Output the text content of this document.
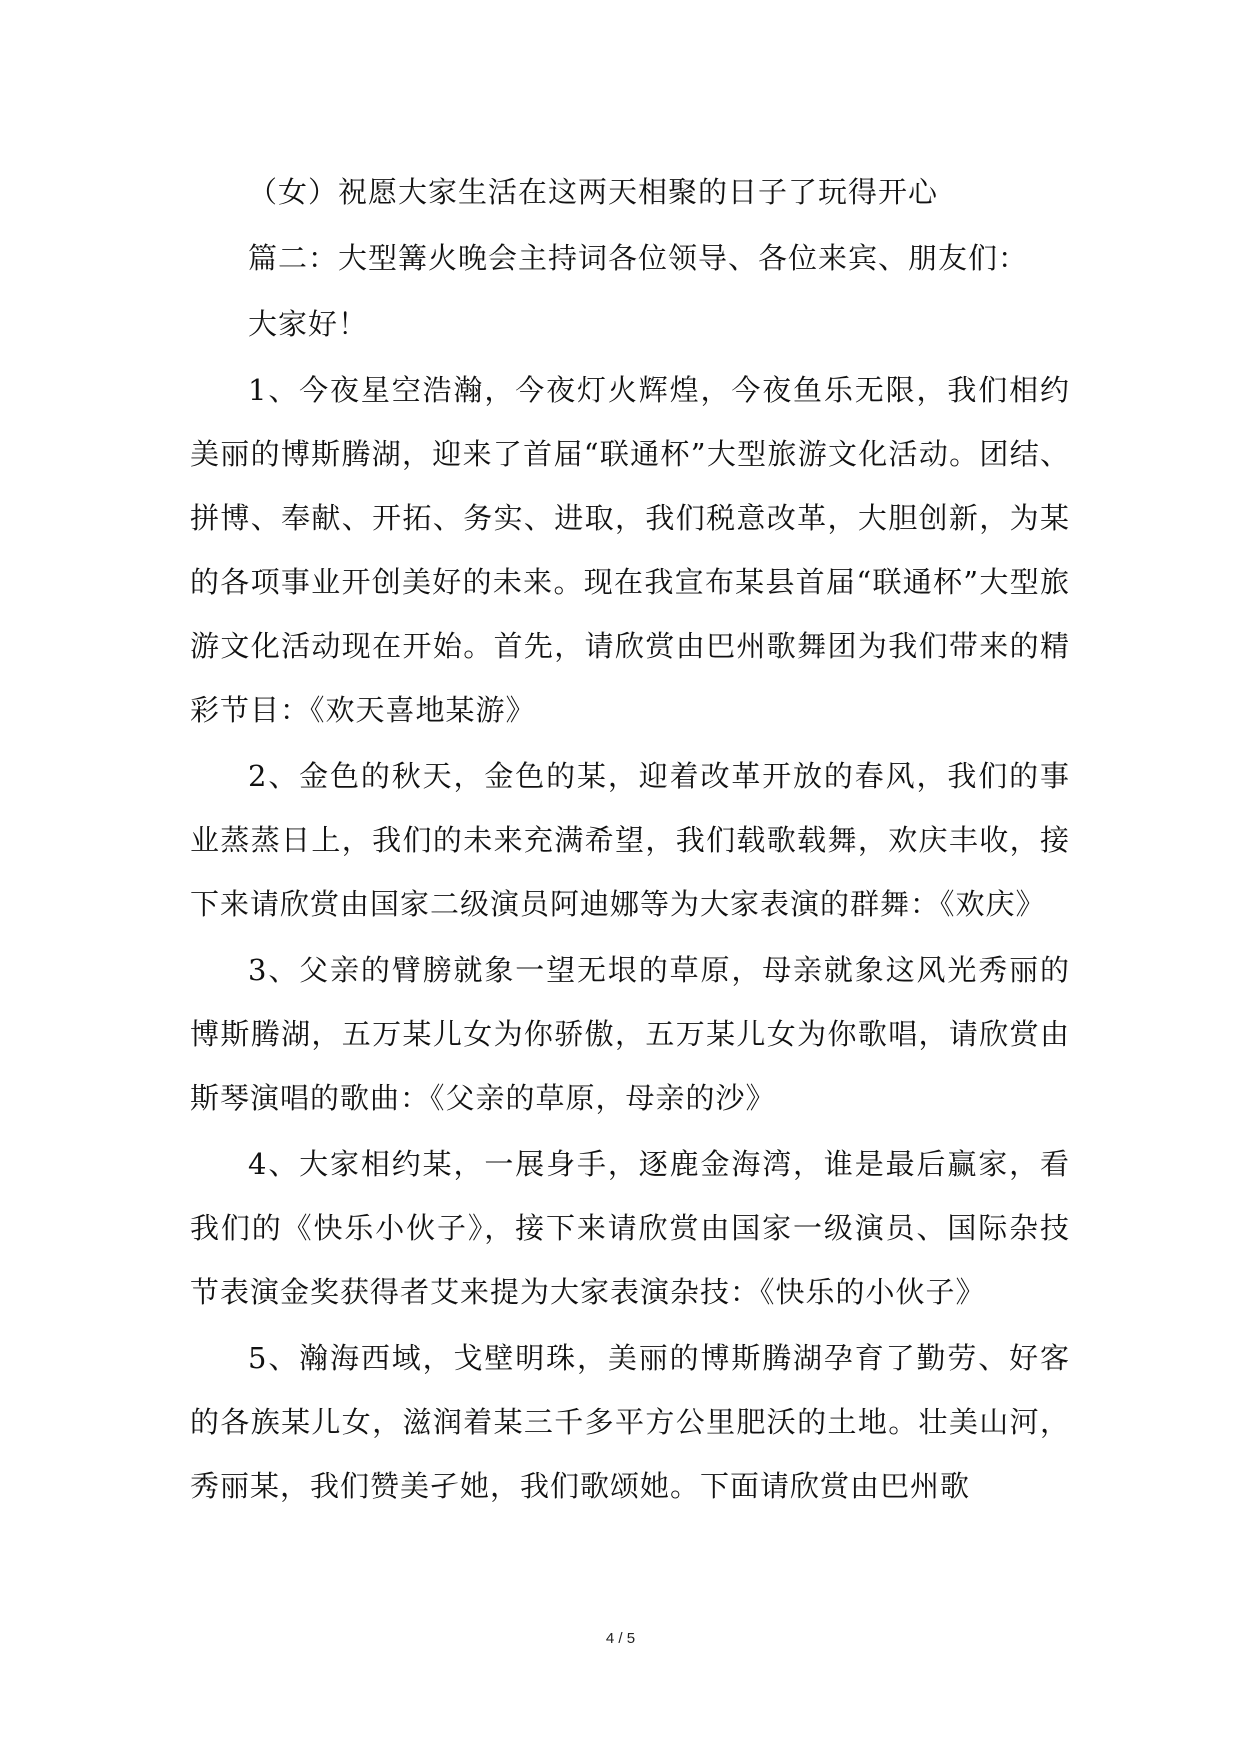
（女）祝愿大家生活在这两天相聚的日子了玩得开心

篇二：大型篝火晚会主持词各位领导、各位来宾、朋友们：

大家好！

1、今夜星空浩瀚，今夜灯火辉煌，今夜鱼乐无限，我们相约美丽的博斯腾湖，迎来了首届“联通杯”大型旅游文化活动。团结、拼博、奉献、开拓、务实、进取，我们税意改革，大胆创新，为某的各项事业开创美好的未来。现在我宣布某县首届“联通杯”大型旅游文化活动现在开始。首先，请欣赏由巴州歌舞团为我们带来的精彩节目：《欢天喜地某游》

2、金色的秋天，金色的某，迎着改革开放的春风，我们的事业蒸蒸日上，我们的未来充满希望，我们载歌载舞，欢庆丰收，接下来请欣赏由国家二级演员阿迪娜等为大家表演的群舞：《欢庆》

3、父亲的臂膀就象一望无垠的草原，母亲就象这风光秀丽的博斯腾湖，五万某儿女为你骄傲，五万某儿女为你歌唱，请欣赏由斯琴演唱的歌曲：《父亲的草原，母亲的沙》

4、大家相约某，一展身手，逐鹿金海湾，谁是最后赢家，看我们的《快乐小伙子》，接下来请欣赏由国家一级演员、国际杂技节表演金奖获得者艾来提为大家表演杂技：《快乐的小伙子》

5、瀚海西域，戈壁明珠，美丽的博斯腾湖孕育了勤劳、好客的各族某儿女，滋润着某三千多平方公里肥沃的土地。壮美山河，秀丽某，我们赞美孑她，我们歌颂她。下面请欣赏由巴州歌

4 / 5
